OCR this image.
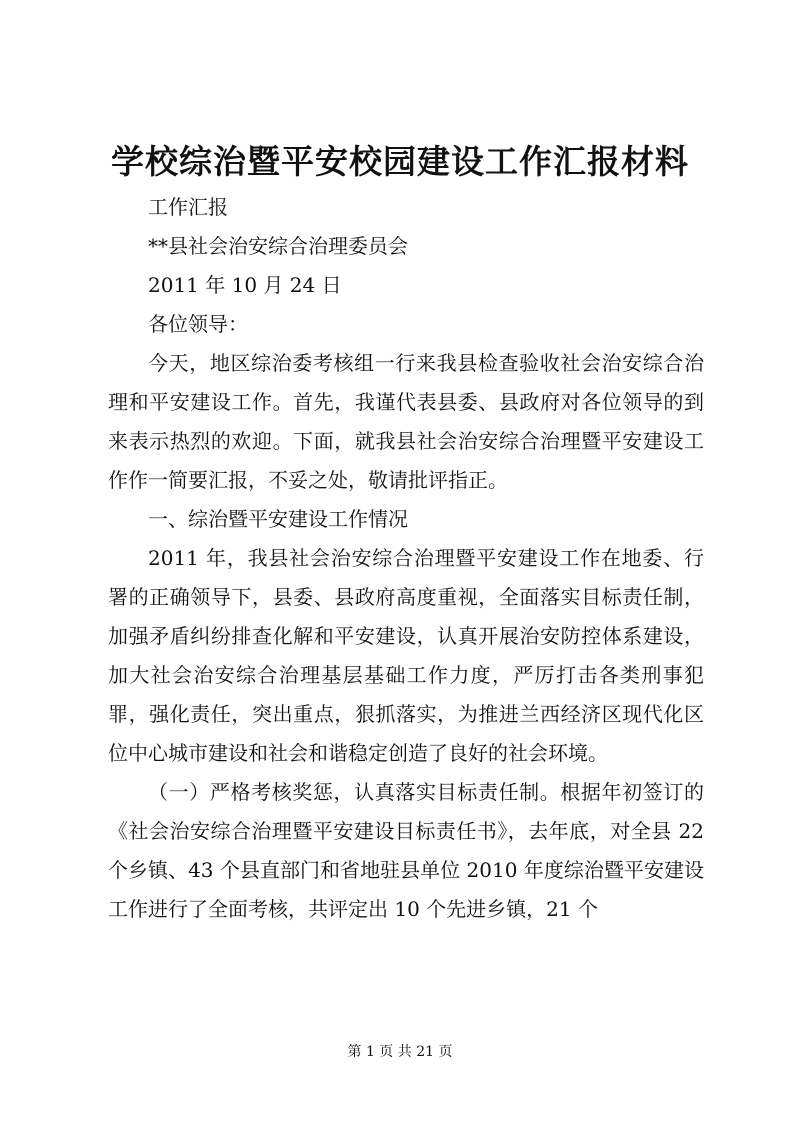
学校综治暨平安校园建设工作汇报材料

工作汇报

**县社会治安综合治理委员会

2011 年 10 月 24 日

各位领导：

今天，地区综治委考核组一行来我县检查验收社会治安综合治理和平安建设工作。首先，我谨代表县委、县政府对各位领导的到来表示热烈的欢迎。下面，就我县社会治安综合治理暨平安建设工作作一简要汇报，不妥之处，敬请批评指正。

一、综治暨平安建设工作情况

2011 年，我县社会治安综合治理暨平安建设工作在地委、行署的正确领导下，县委、县政府高度重视，全面落实目标责任制，加强矛盾纠纷排查化解和平安建设，认真开展治安防控体系建设，加大社会治安综合治理基层基础工作力度，严厉打击各类刑事犯罪，强化责任，突出重点，狠抓落实，为推进兰西经济区现代化区位中心城市建设和社会和谐稳定创造了良好的社会环境。

（一）严格考核奖惩，认真落实目标责任制。根据年初签订的《社会治安综合治理暨平安建设目标责任书》，去年底，对全县 22 个乡镇、43 个县直部门和省地驻县单位 2010 年度综治暨平安建设工作进行了全面考核，共评定出 10 个先进乡镇，21 个

第 1 页 共 21 页
